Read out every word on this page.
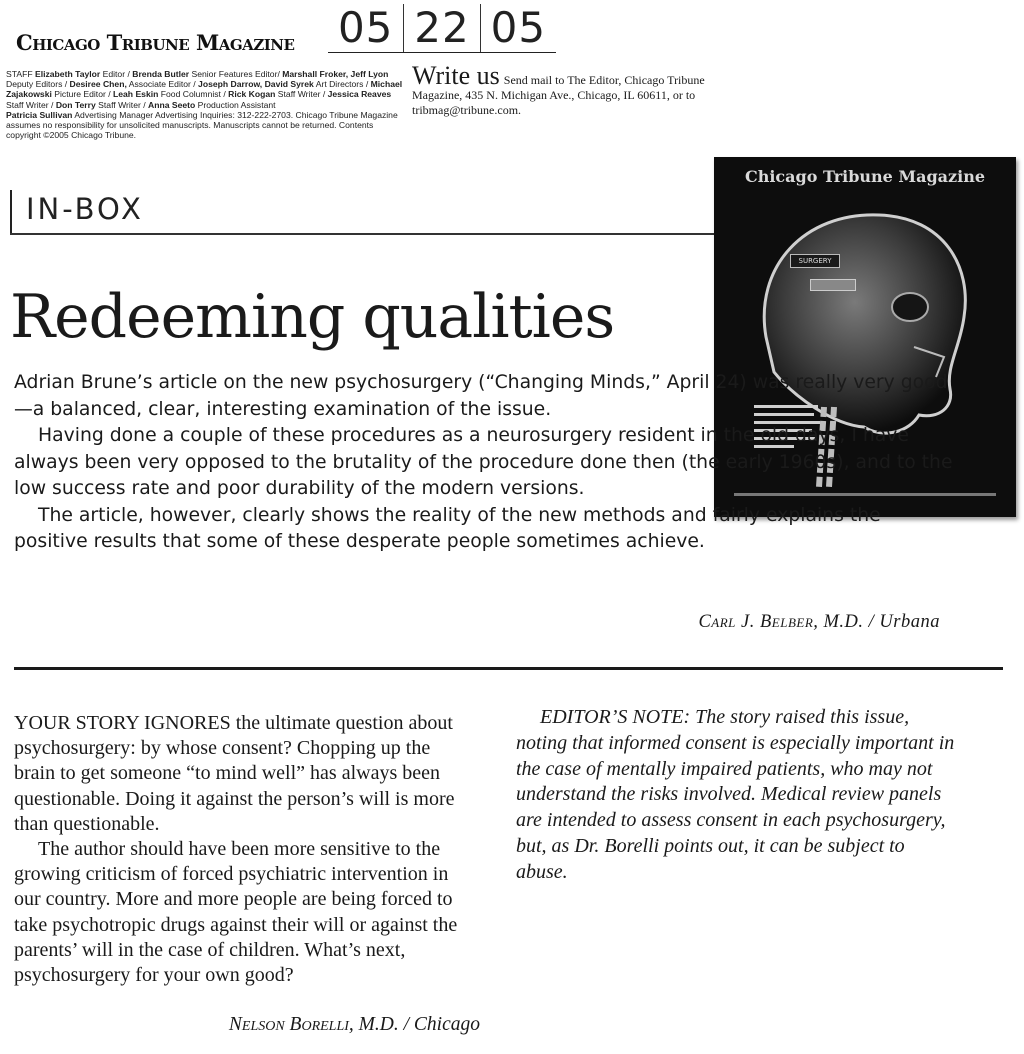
Chicago Tribune Magazine 05 22 05
STAFF Elizabeth Taylor Editor / Brenda Butler Senior Features Editor/ Marshall Froker, Jeff Lyon Deputy Editors / Desiree Chen, Associate Editor / Joseph Darrow, David Syrek Art Directors / Michael Zajakowski Picture Editor / Leah Eskin Food Columnist / Rick Kogan Staff Writer / Jessica Reaves Staff Writer / Don Terry Staff Writer / Anna Seeto Production Assistant
Patricia Sullivan Advertising Manager Advertising Inquiries: 312-222-2703. Chicago Tribune Magazine assumes no responsibility for unsolicited manuscripts. Manuscripts cannot be returned. Contents copyright ©2005 Chicago Tribune.
Write us Send mail to The Editor, Chicago Tribune Magazine, 435 N. Michigan Ave., Chicago, IL 60611, or to tribmag@tribune.com.
IN-BOX
Chicago Tribune Magazine
SURGERY
Redeeming qualities

Adrian Brune’s article on the new psychosurgery (“Changing Minds,” April 24) was really very good—a balanced, clear, interesting examination of the issue.

Having done a couple of these procedures as a neurosurgery resident in the old days, I have always been very opposed to the brutality of the procedure done then (the early 1960s), and to the low success rate and poor durability of the modern versions.

The article, however, clearly shows the reality of the new methods and fairly explains the positive results that some of these desperate people sometimes achieve.

Carl J. Belber, M.D. / Urbana

YOUR STORY IGNORES the ultimate question about psychosurgery: by whose consent? Chopping up the brain to get someone “to mind well” has always been questionable. Doing it against the person’s will is more than questionable.

The author should have been more sensitive to the growing criticism of forced psychiatric intervention in our country. More and more people are being forced to take psychotropic drugs against their will or against the parents’ will in the case of children. What’s next, psychosurgery for your own good?

Nelson Borelli, M.D. / Chicago

EDITOR’S NOTE: The story raised this issue, noting that informed consent is especially important in the case of mentally impaired patients, who may not understand the risks involved. Medical review panels are intended to assess consent in each psychosurgery, but, as Dr. Borelli points out, it can be subject to abuse.
